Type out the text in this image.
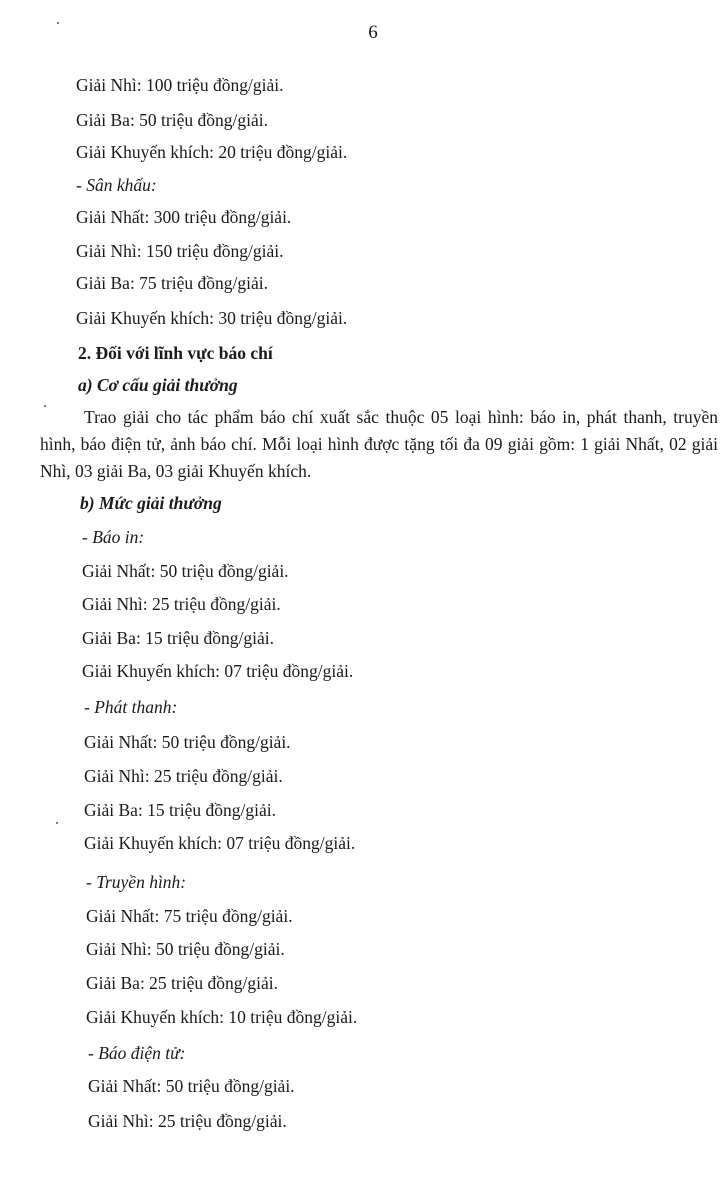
6
Giải Nhì: 100 triệu đồng/giải.
Giải Ba: 50 triệu đồng/giải.
Giải Khuyến khích: 20 triệu đồng/giải.
- Sân khấu:
Giải Nhất: 300 triệu đồng/giải.
Giải Nhì: 150 triệu đồng/giải.
Giải Ba: 75 triệu đồng/giải.
Giải Khuyến khích: 30 triệu đồng/giải.
2. Đối với lĩnh vực báo chí
a) Cơ cấu giải thưởng
Trao giải cho tác phẩm báo chí xuất sắc thuộc 05 loại hình: báo in, phát thanh, truyền hình, báo điện tử, ảnh báo chí. Mỗi loại hình được tặng tối đa 09 giải gồm: 1 giải Nhất, 02 giải Nhì, 03 giải Ba, 03 giải Khuyến khích.
b) Mức giải thưởng
- Báo in:
Giải Nhất: 50 triệu đồng/giải.
Giải Nhì: 25 triệu đồng/giải.
Giải Ba: 15 triệu đồng/giải.
Giải Khuyến khích: 07 triệu đồng/giải.
- Phát thanh:
Giải Nhất: 50 triệu đồng/giải.
Giải Nhì: 25 triệu đồng/giải.
Giải Ba: 15 triệu đồng/giải.
Giải Khuyến khích: 07 triệu đồng/giải.
- Truyền hình:
Giải Nhất: 75 triệu đồng/giải.
Giải Nhì: 50 triệu đồng/giải.
Giải Ba: 25 triệu đồng/giải.
Giải Khuyến khích: 10 triệu đồng/giải.
- Báo điện tử:
Giải Nhất: 50 triệu đồng/giải.
Giải Nhì: 25 triệu đồng/giải.
